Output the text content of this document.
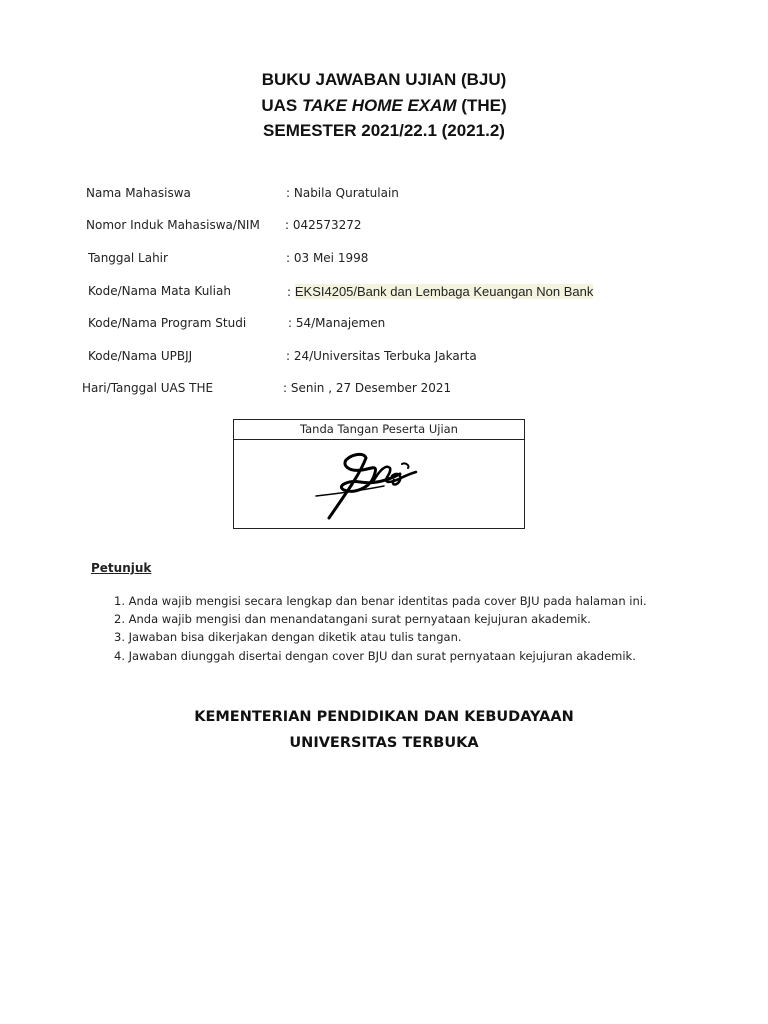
BUKU JAWABAN UJIAN (BJU)
UAS TAKE HOME EXAM (THE)
SEMESTER 2021/22.1 (2021.2)
Nama Mahasiswa	: Nabila Quratulain
Nomor Induk Mahasiswa/NIM : 042573272
Tanggal Lahir	: 03 Mei 1998
Kode/Nama Mata Kuliah	: EKSI4205/Bank dan Lembaga Keuangan Non Bank
Kode/Nama Program Studi	: 54/Manajemen
Kode/Nama UPBJJ	: 24/Universitas Terbuka Jakarta
Hari/Tanggal UAS THE	: Senin , 27 Desember 2021
Tanda Tangan Peserta Ujian
Petunjuk
1. Anda wajib mengisi secara lengkap dan benar identitas pada cover BJU pada halaman ini.
2. Anda wajib mengisi dan menandatangani surat pernyataan kejujuran akademik.
3. Jawaban bisa dikerjakan dengan diketik atau tulis tangan.
4. Jawaban diunggah disertai dengan cover BJU dan surat pernyataan kejujuran akademik.
KEMENTERIAN PENDIDIKAN DAN KEBUDAYAAN
UNIVERSITAS TERBUKA
